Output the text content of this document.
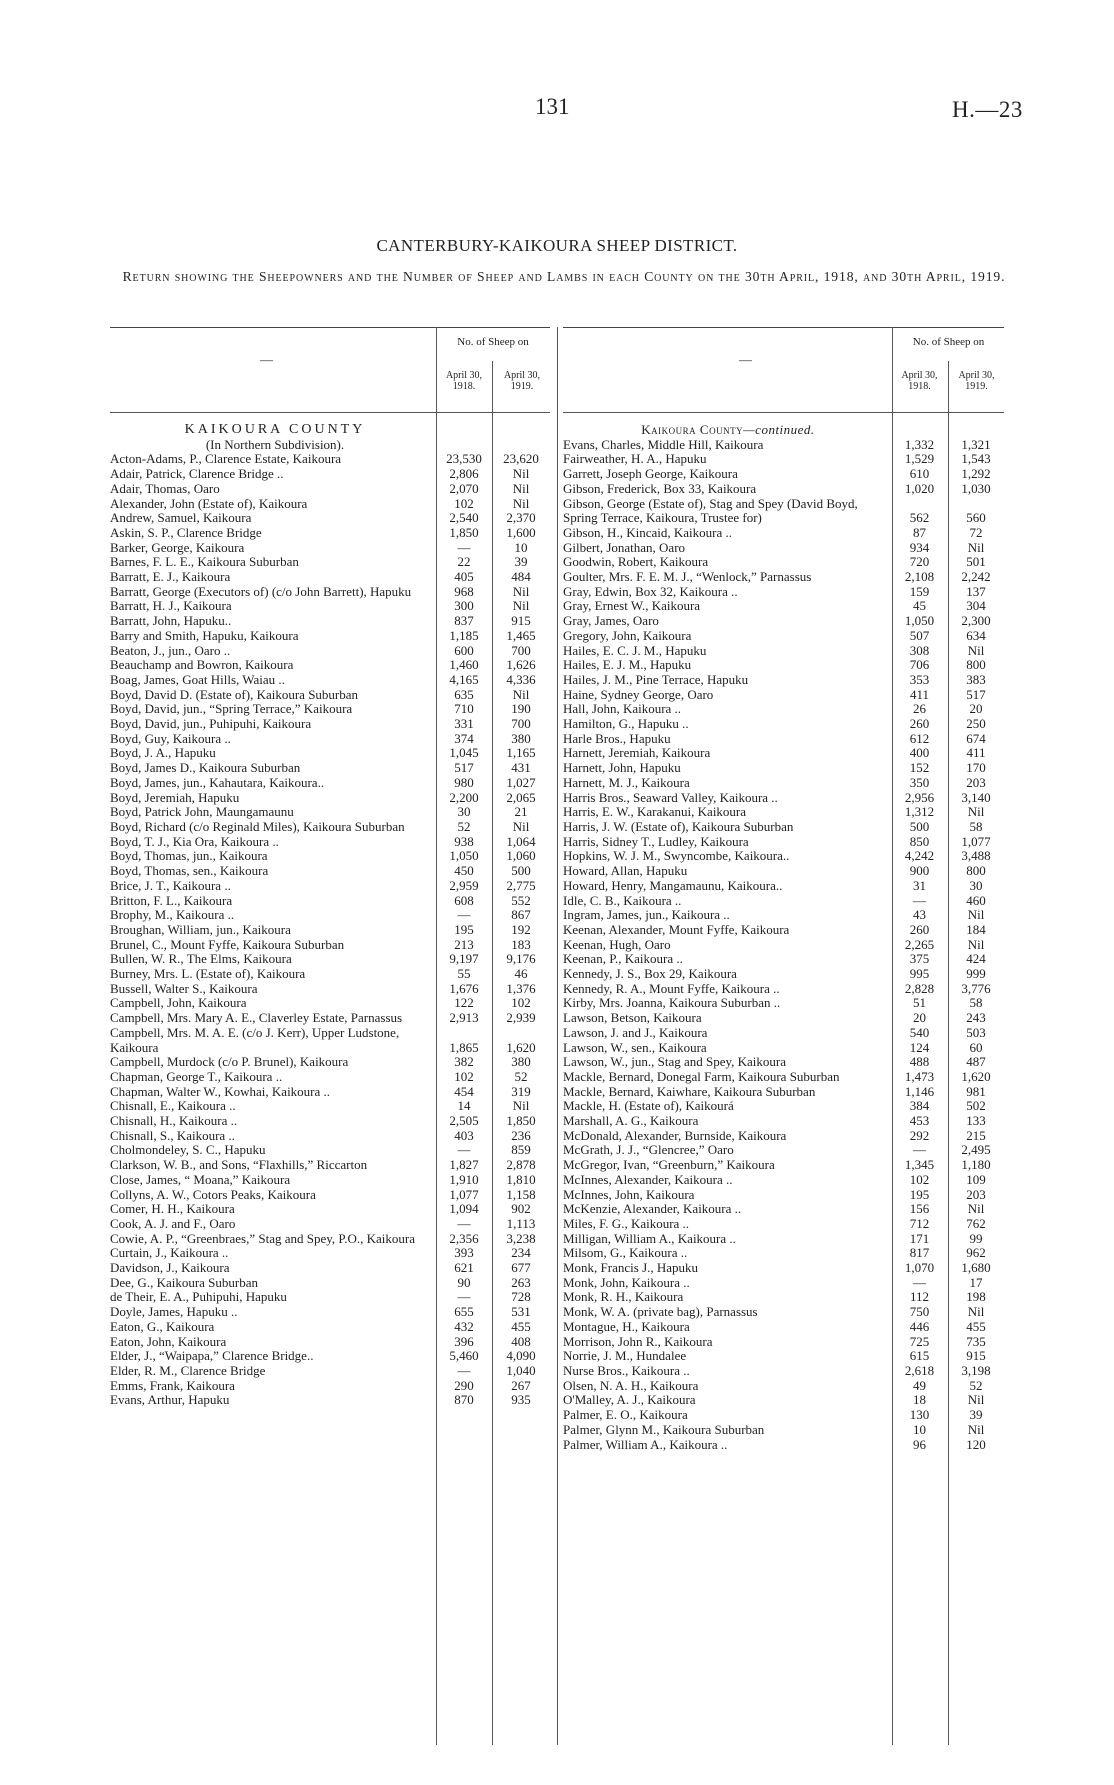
131	H.—23
CANTERBURY-KAIKOURA SHEEP DISTRICT.
Return showing the Sheepowners and the Number of Sheep and Lambs in each County on the 30th April, 1918, and 30th April, 1919.
—
No. of Sheep on
April 30,
1918.
April 30,
1919.
KAIKOURA COUNTY
(In Northern Subdivision).
Acton-Adams, P., Clarence Estate, Kaikoura	23,530	23,620
Adair, Patrick, Clarence Bridge ..	2,806	Nil
Adair, Thomas, Oaro	2,070	Nil
Alexander, John (Estate of), Kaikoura	102	Nil
Andrew, Samuel, Kaikoura	2,540	2,370
Askin, S. P., Clarence Bridge	1,850	1,600
Barker, George, Kaikoura	—	10
Barnes, F. L. E., Kaikoura Suburban	22	39
Barratt, E. J., Kaikoura	405	484
Barratt, George (Executors of) (c/o John Barrett), Hapuku	968	Nil
Barratt, H. J., Kaikoura	300	Nil
Barratt, John, Hapuku..	837	915
Barry and Smith, Hapuku, Kaikoura	1,185	1,465
Beaton, J., jun., Oaro ..	600	700
Beauchamp and Bowron, Kaikoura	1,460	1,626
Boag, James, Goat Hills, Waiau ..	4,165	4,336
Boyd, David D. (Estate of), Kaikoura Suburban	635	Nil
Boyd, David, jun., “Spring Terrace,” Kaikoura	710	190
Boyd, David, jun., Puhipuhi, Kaikoura	331	700
Boyd, Guy, Kaikoura ..	374	380
Boyd, J. A., Hapuku	1,045	1,165
Boyd, James D., Kaikoura Suburban	517	431
Boyd, James, jun., Kahautara, Kaikoura..	980	1,027
Boyd, Jeremiah, Hapuku	2,200	2,065
Boyd, Patrick John, Maungamaunu	30	21
Boyd, Richard (c/o Reginald Miles), Kaikoura Suburban	52	Nil
Boyd, T. J., Kia Ora, Kaikoura ..	938	1,064
Boyd, Thomas, jun., Kaikoura	1,050	1,060
Boyd, Thomas, sen., Kaikoura	450	500
Brice, J. T., Kaikoura ..	2,959	2,775
Britton, F. L., Kaikoura	608	552
Brophy, M., Kaikoura ..	—	867
Broughan, William, jun., Kaikoura	195	192
Brunel, C., Mount Fyffe, Kaikoura Suburban	213	183
Bullen, W. R., The Elms, Kaikoura	9,197	9,176
Burney, Mrs. L. (Estate of), Kaikoura	55	46
Bussell, Walter S., Kaikoura	1,676	1,376
Campbell, John, Kaikoura	122	102
Campbell, Mrs. Mary A. E., Claverley Estate, Parnassus	2,913	2,939
Campbell, Mrs. M. A. E. (c/o J. Kerr), Upper Ludstone, Kaikoura	1,865	1,620
Campbell, Murdock (c/o P. Brunel), Kaikoura	382	380
Chapman, George T., Kaikoura ..	102	52
Chapman, Walter W., Kowhai, Kaikoura ..	454	319
Chisnall, E., Kaikoura ..	14	Nil
Chisnall, H., Kaikoura ..	2,505	1,850
Chisnall, S., Kaikoura ..	403	236
Cholmondeley, S. C., Hapuku	—	859
Clarkson, W. B., and Sons, “Flaxhills,” Riccarton	1,827	2,878
Close, James, “ Moana,” Kaikoura	1,910	1,810
Collyns, A. W., Cotors Peaks, Kaikoura	1,077	1,158
Comer, H. H., Kaikoura	1,094	902
Cook, A. J. and F., Oaro	—	1,113
Cowie, A. P., “Greenbraes,” Stag and Spey, P.O., Kaikoura	2,356	3,238
Curtain, J., Kaikoura ..	393	234
Davidson, J., Kaikoura	621	677
Dee, G., Kaikoura Suburban	90	263
de Their, E. A., Puhipuhi, Hapuku	—	728
Doyle, James, Hapuku ..	655	531
Eaton, G., Kaikoura	432	455
Eaton, John, Kaikoura	396	408
Elder, J., “Waipapa,” Clarence Bridge..	5,460	4,090
Elder, R. M., Clarence Bridge	—	1,040
Emms, Frank, Kaikoura	290	267
Evans, Arthur, Hapuku	870	935
—
No. of Sheep on
April 30,
1918.
April 30,
1919.
Kaikoura County—continued.
Evans, Charles, Middle Hill, Kaikoura	1,332	1,321
Fairweather, H. A., Hapuku	1,529	1,543
Garrett, Joseph George, Kaikoura	610	1,292
Gibson, Frederick, Box 33, Kaikoura	1,020	1,030
Gibson, George (Estate of), Stag and Spey (David Boyd, Spring Terrace, Kaikoura, Trustee for)	562	560
Gibson, H., Kincaid, Kaikoura ..	87	72
Gilbert, Jonathan, Oaro	934	Nil
Goodwin, Robert, Kaikoura	720	501
Goulter, Mrs. F. E. M. J., “Wenlock,” Parnassus	2,108	2,242
Gray, Edwin, Box 32, Kaikoura ..	159	137
Gray, Ernest W., Kaikoura	45	304
Gray, James, Oaro	1,050	2,300
Gregory, John, Kaikoura	507	634
Hailes, E. C. J. M., Hapuku	308	Nil
Hailes, E. J. M., Hapuku	706	800
Hailes, J. M., Pine Terrace, Hapuku	353	383
Haine, Sydney George, Oaro	411	517
Hall, John, Kaikoura ..	26	20
Hamilton, G., Hapuku ..	260	250
Harle Bros., Hapuku	612	674
Harnett, Jeremiah, Kaikoura	400	411
Harnett, John, Hapuku	152	170
Harnett, M. J., Kaikoura	350	203
Harris Bros., Seaward Valley, Kaikoura ..	2,956	3,140
Harris, E. W., Karakanui, Kaikoura	1,312	Nil
Harris, J. W. (Estate of), Kaikoura Suburban	500	58
Harris, Sidney T., Ludley, Kaikoura	850	1,077
Hopkins, W. J. M., Swyncombe, Kaikoura..	4,242	3,488
Howard, Allan, Hapuku	900	800
Howard, Henry, Mangamaunu, Kaikoura..	31	30
Idle, C. B., Kaikoura ..	—	460
Ingram, James, jun., Kaikoura ..	43	Nil
Keenan, Alexander, Mount Fyffe, Kaikoura	260	184
Keenan, Hugh, Oaro	2,265	Nil
Keenan, P., Kaikoura ..	375	424
Kennedy, J. S., Box 29, Kaikoura	995	999
Kennedy, R. A., Mount Fyffe, Kaikoura ..	2,828	3,776
Kirby, Mrs. Joanna, Kaikoura Suburban ..	51	58
Lawson, Betson, Kaikoura	20	243
Lawson, J. and J., Kaikoura	540	503
Lawson, W., sen., Kaikoura	124	60
Lawson, W., jun., Stag and Spey, Kaikoura	488	487
Mackle, Bernard, Donegal Farm, Kaikoura Suburban	1,473	1,620
Mackle, Bernard, Kaiwhare, Kaikoura Suburban	1,146	981
Mackle, H. (Estate of), Kaikourá	384	502
Marshall, A. G., Kaikoura	453	133
McDonald, Alexander, Burnside, Kaikoura	292	215
McGrath, J. J., “Glencree,” Oaro	—	2,495
McGregor, Ivan, “Greenburn,” Kaikoura	1,345	1,180
McInnes, Alexander, Kaikoura ..	102	109
McInnes, John, Kaikoura	195	203
McKenzie, Alexander, Kaikoura ..	156	Nil
Miles, F. G., Kaikoura ..	712	762
Milligan, William A., Kaikoura ..	171	99
Milsom, G., Kaikoura ..	817	962
Monk, Francis J., Hapuku	1,070	1,680
Monk, John, Kaikoura ..	—	17
Monk, R. H., Kaikoura	112	198
Monk, W. A. (private bag), Parnassus	750	Nil
Montague, H., Kaikoura	446	455
Morrison, John R., Kaikoura	725	735
Norrie, J. M., Hundalee	615	915
Nurse Bros., Kaikoura ..	2,618	3,198
Olsen, N. A. H., Kaikoura	49	52
O'Malley, A. J., Kaikoura	18	Nil
Palmer, E. O., Kaikoura	130	39
Palmer, Glynn M., Kaikoura Suburban	10	Nil
Palmer, William A., Kaikoura ..	96	120
